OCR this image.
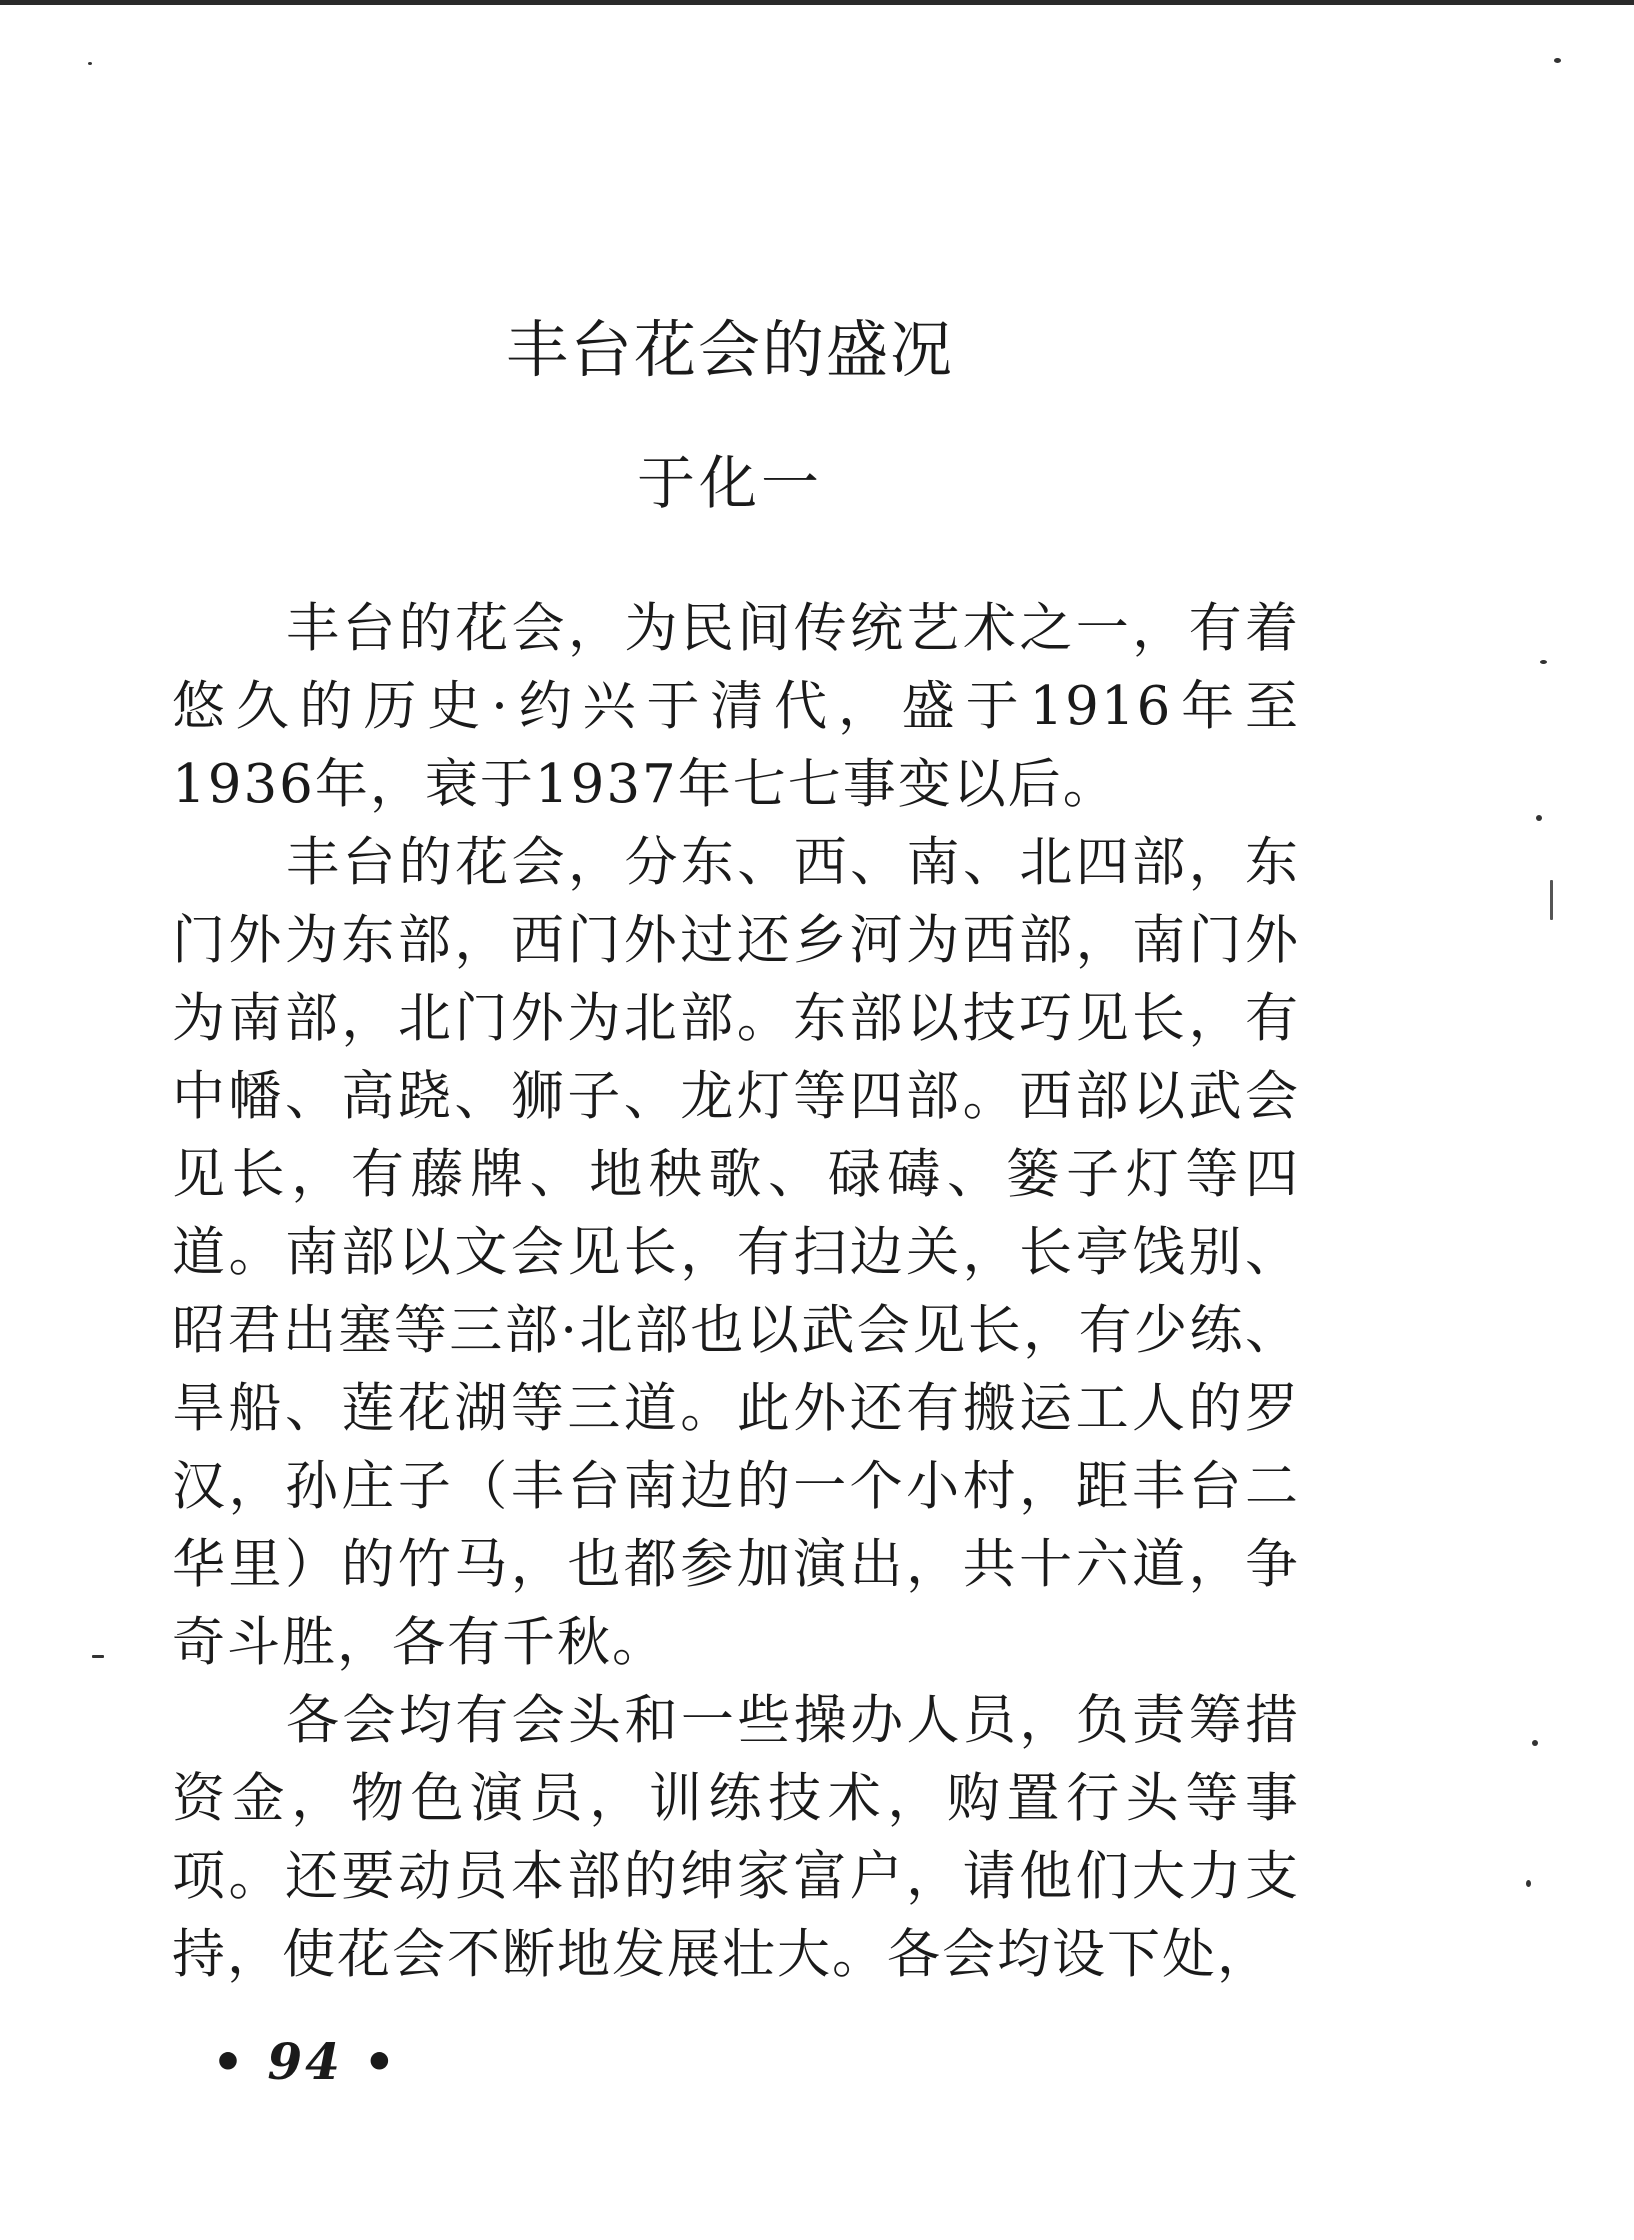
丰台花会的盛况
于化一

丰台的花会，为民间传统艺术之一，有着悠久的历史·约兴于清代，盛于1916年至1936年，衰于1937年七七事变以后。

丰台的花会，分东、西、南、北四部，东门外为东部，西门外过还乡河为西部，南门外为南部，北门外为北部。东部以技巧见长，有中幡、高跷、狮子、龙灯等四部。西部以武会见长，有藤牌、地秧歌、碌碡、篓子灯等四道。南部以文会见长，有扫边关，长亭饯别、昭君出塞等三部·北部也以武会见长，有少练、旱船、莲花湖等三道。此外还有搬运工人的罗汉，孙庄子（丰台南边的一个小村，距丰台二华里）的竹马，也都参加演出，共十六道，争奇斗胜，各有千秋。

各会均有会头和一些操办人员，负责筹措资金，物色演员，训练技术，购置行头等事项。还要动员本部的绅家富户，请他们大力支持，使花会不断地发展壮大。各会均设下处，

• 94 •
